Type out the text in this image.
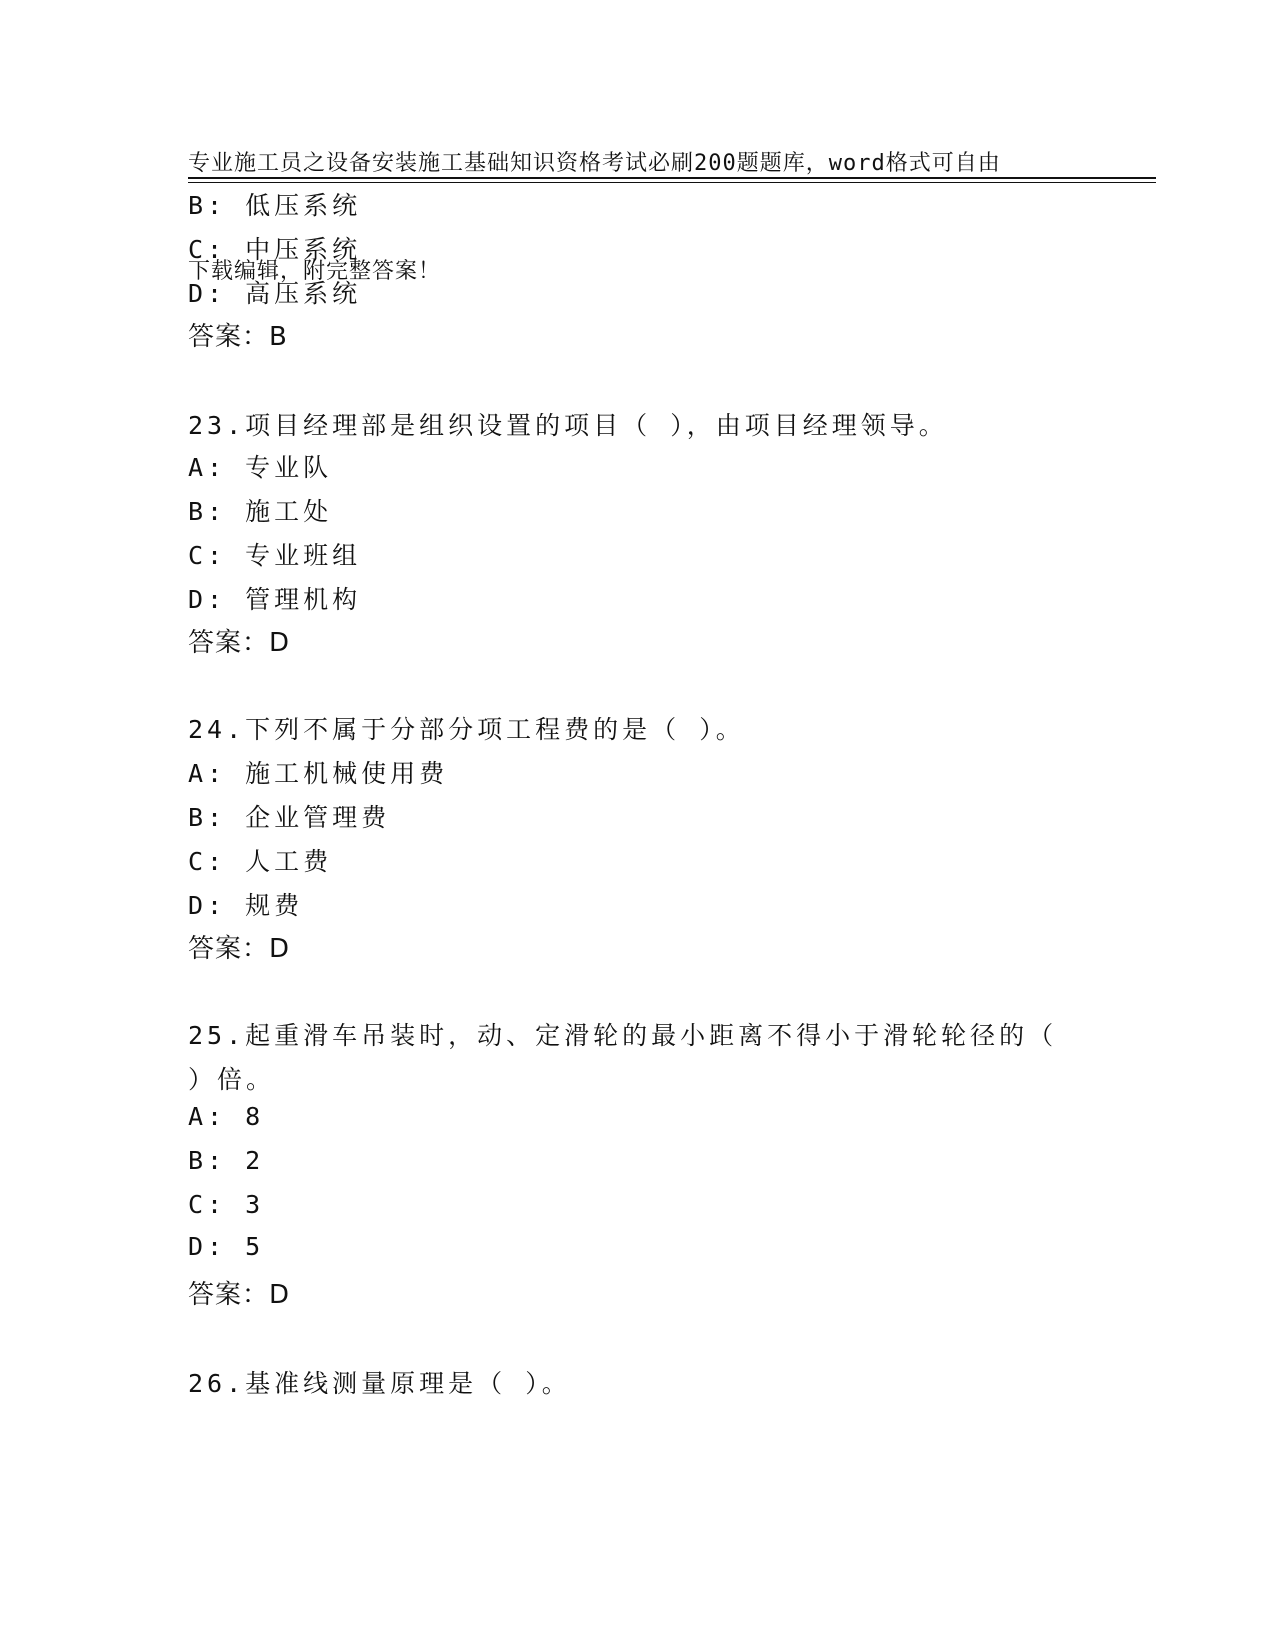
专业施工员之设备安装施工基础知识资格考试必刷200题题库，word格式可自由

下载编辑，附完整答案！

B: 低压系统
C: 中压系统
D: 高压系统
答案：B
23.项目经理部是组织设置的项目（ ），由项目经理领导。
A: 专业队
B: 施工处
C: 专业班组
D: 管理机构
答案：D
24.下列不属于分部分项工程费的是（ ）。
A: 施工机械使用费
B: 企业管理费
C: 人工费
D: 规费
答案：D
25.起重滑车吊装时，动、定滑轮的最小距离不得小于滑轮轮径的（
）倍。
A: 8
B: 2
C: 3
D: 5
答案：D
26.基准线测量原理是（ ）。
